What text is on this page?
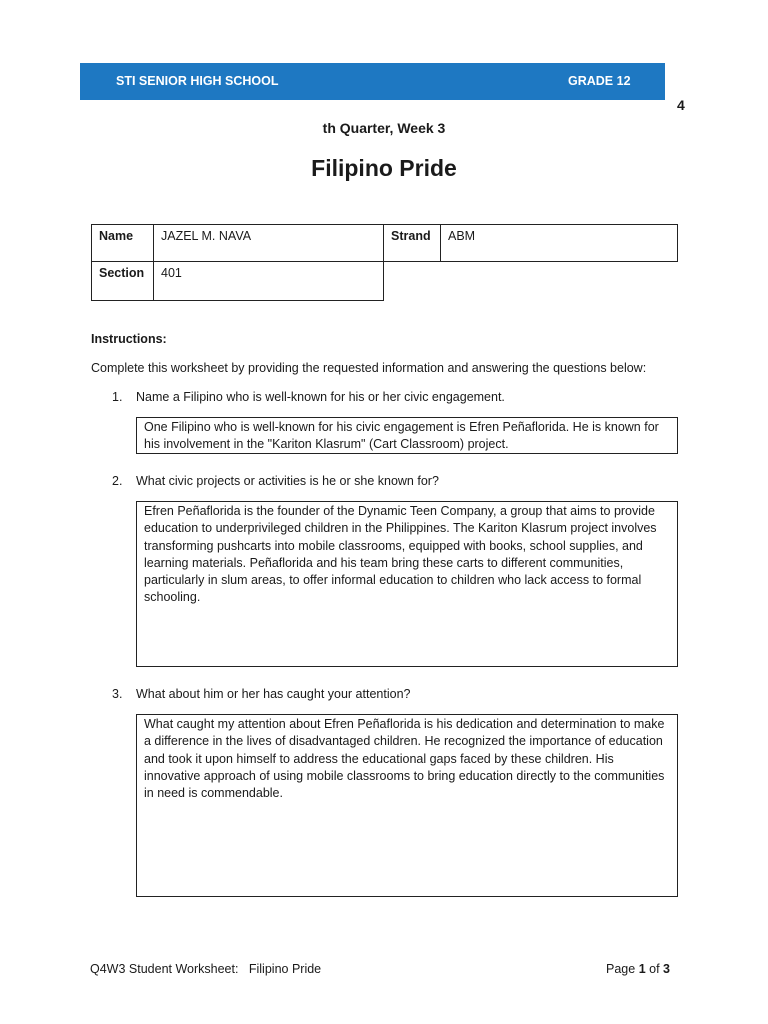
STI SENIOR HIGH SCHOOL	GRADE 12
4
th Quarter, Week 3
Filipino Pride
Name	JAZEL M. NAVA	Strand	ABM
Section	401
Instructions:
Complete this worksheet by providing the requested information and answering the questions below:
1.	Name a Filipino who is well-known for his or her civic engagement.
One Filipino who is well-known for his civic engagement is Efren Peñaflorida. He is known for his involvement in the "Kariton Klasrum" (Cart Classroom) project.
2.	What civic projects or activities is he or she known for?
Efren Peñaflorida is the founder of the Dynamic Teen Company, a group that aims to provide education to underprivileged children in the Philippines. The Kariton Klasrum project involves transforming pushcarts into mobile classrooms, equipped with books, school supplies, and learning materials. Peñaflorida and his team bring these carts to different communities, particularly in slum areas, to offer informal education to children who lack access to formal schooling.
3.	What about him or her has caught your attention?
What caught my attention about Efren Peñaflorida is his dedication and determination to make a difference in the lives of disadvantaged children. He recognized the importance of education and took it upon himself to address the educational gaps faced by these children. His innovative approach of using mobile classrooms to bring education directly to the communities in need is commendable.
Q4W3 Student Worksheet:   Filipino Pride	Page 1 of 3
